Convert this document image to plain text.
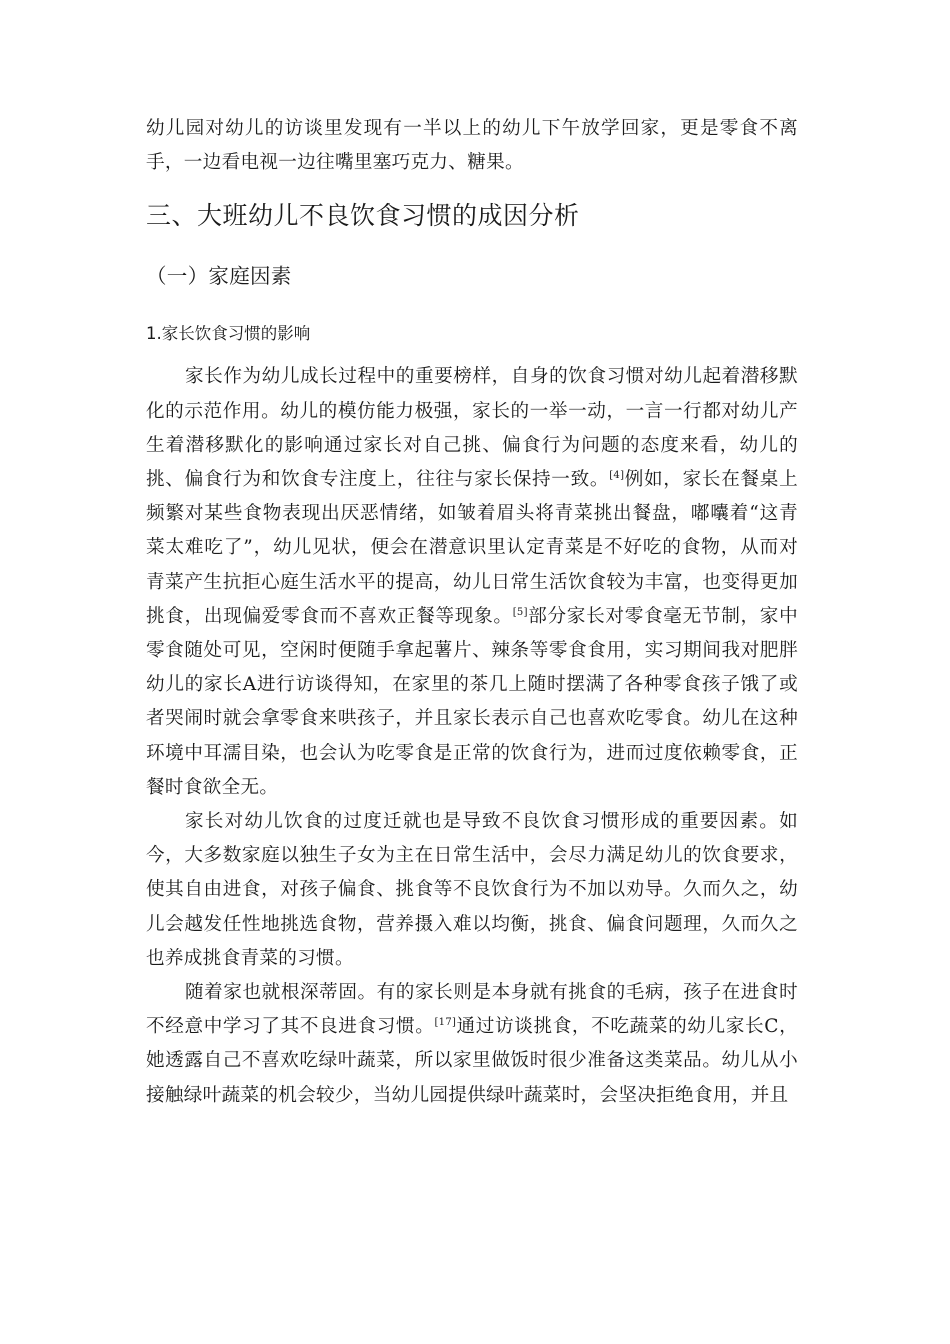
幼儿园对幼儿的访谈里发现有一半以上的幼儿下午放学回家，更是零食不离手，一边看电视一边往嘴里塞巧克力、糖果。

三、大班幼儿不良饮食习惯的成因分析
（一）家庭因素
1.家长饮食习惯的影响

家长作为幼儿成长过程中的重要榜样，自身的饮食习惯对幼儿起着潜移默化的示范作用。幼儿的模仿能力极强，家长的一举一动，一言一行都对幼儿产生着潜移默化的影响通过家长对自己挑、偏食行为问题的态度来看，幼儿的挑、偏食行为和饮食专注度上，往往与家长保持一致。[4]例如，家长在餐桌上频繁对某些食物表现出厌恶情绪，如皱着眉头将青菜挑出餐盘，嘟囔着“这青菜太难吃了”，幼儿见状，便会在潜意识里认定青菜是不好吃的食物，从而对青菜产生抗拒心庭生活水平的提高，幼儿日常生活饮食较为丰富，也变得更加挑食，出现偏爱零食而不喜欢正餐等现象。[5]部分家长对零食毫无节制，家中零食随处可见，空闲时便随手拿起薯片、辣条等零食食用，实习期间我对肥胖幼儿的家长A进行访谈得知，在家里的茶几上随时摆满了各种零食孩子饿了或者哭闹时就会拿零食来哄孩子，并且家长表示自己也喜欢吃零食。幼儿在这种环境中耳濡目染，也会认为吃零食是正常的饮食行为，进而过度依赖零食，正餐时食欲全无。

家长对幼儿饮食的过度迁就也是导致不良饮食习惯形成的重要因素。如今，大多数家庭以独生子女为主在日常生活中，会尽力满足幼儿的饮食要求，使其自由进食，对孩子偏食、挑食等不良饮食行为不加以劝导。久而久之，幼儿会越发任性地挑选食物，营养摄入难以均衡，挑食、偏食问题理，久而久之也养成挑食青菜的习惯。

随着家也就根深蒂固。有的家长则是本身就有挑食的毛病，孩子在进食时不经意中学习了其不良进食习惯。[17]通过访谈挑食，不吃蔬菜的幼儿家长C，她透露自己不喜欢吃绿叶蔬菜，所以家里做饭时很少准备这类菜品。幼儿从小接触绿叶蔬菜的机会较少，当幼儿园提供绿叶蔬菜时，会坚决拒绝食用，并且
